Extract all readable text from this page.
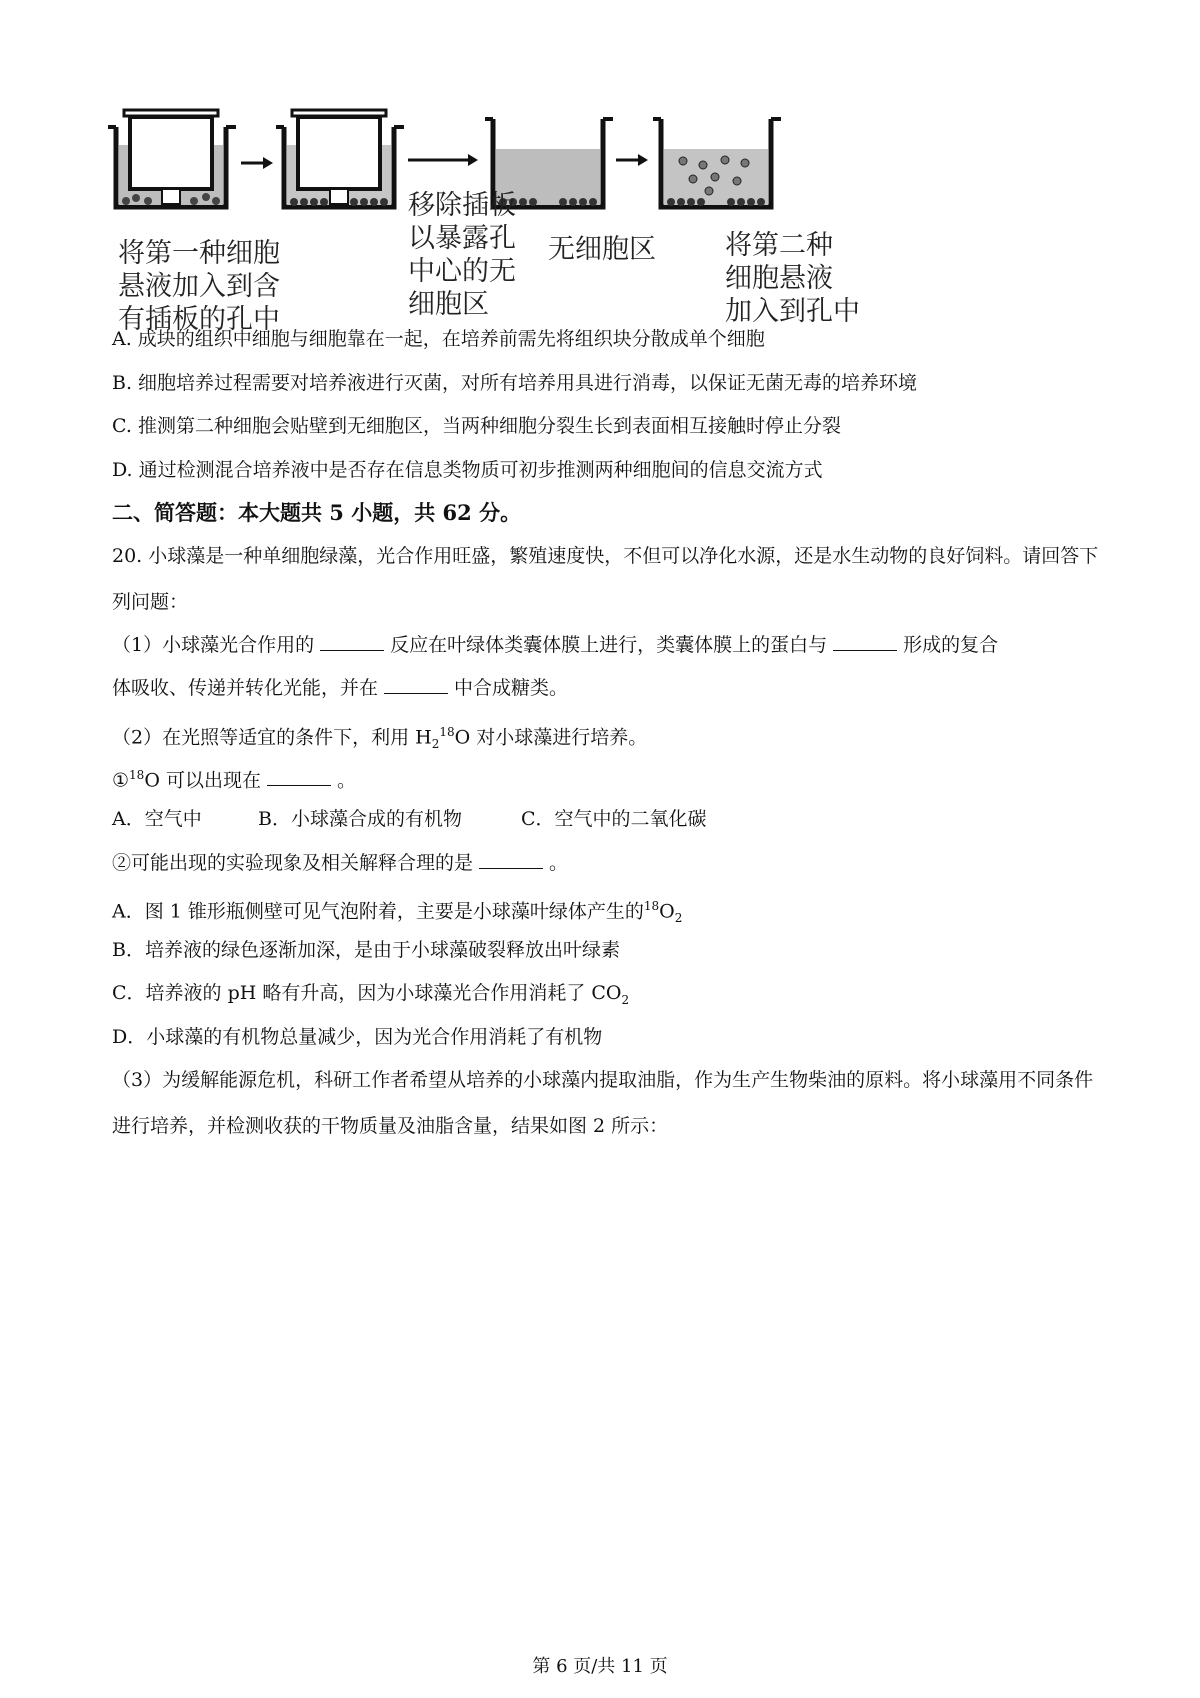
将第一种细胞
悬液加入到含
有插板的孔中
移除插板
以暴露孔
中心的无
细胞区
无细胞区	将第二种
细胞悬液
加入到孔中
A. 成块的组织中细胞与细胞靠在一起，在培养前需先将组织块分散成单个细胞
B. 细胞培养过程需要对培养液进行灭菌，对所有培养用具进行消毒，以保证无菌无毒的培养环境
C. 推测第二种细胞会贴壁到无细胞区，当两种细胞分裂生长到表面相互接触时停止分裂
D. 通过检测混合培养液中是否存在信息类物质可初步推测两种细胞间的信息交流方式
二、简答题：本大题共 5 小题，共 62 分。
20. 小球藻是一种单细胞绿藻，光合作用旺盛，繁殖速度快，不但可以净化水源，还是水生动物的良好饲料。请回答下列问题：
（1）小球藻光合作用的	反应在叶绿体类囊体膜上进行，类囊体膜上的蛋白与	形成的复合
体吸收、传递并转化光能，并在	中合成糖类。
（2）在光照等适宜的条件下，利用 $H_2^{18}O$ 对小球藻进行培养。
①$^{18}$O 可以出现在	。
A．空气中	B．小球藻合成的有机物	C．空气中的二氧化碳
②可能出现的实验现象及相关解释合理的是	。
A．图 1 锥形瓶侧壁可见气泡附着，主要是小球藻叶绿体产生的$^{18}O_2$
B．培养液的绿色逐渐加深，是由于小球藻破裂释放出叶绿素
C．培养液的 pH 略有升高，因为小球藻光合作用消耗了 $CO_2$
D．小球藻的有机物总量减少，因为光合作用消耗了有机物
（3）为缓解能源危机，科研工作者希望从培养的小球藻内提取油脂，作为生产生物柴油的原料。将小球藻用不同条件进行培养，并检测收获的干物质量及油脂含量，结果如图 2 所示：
第 6 页/共 11 页
